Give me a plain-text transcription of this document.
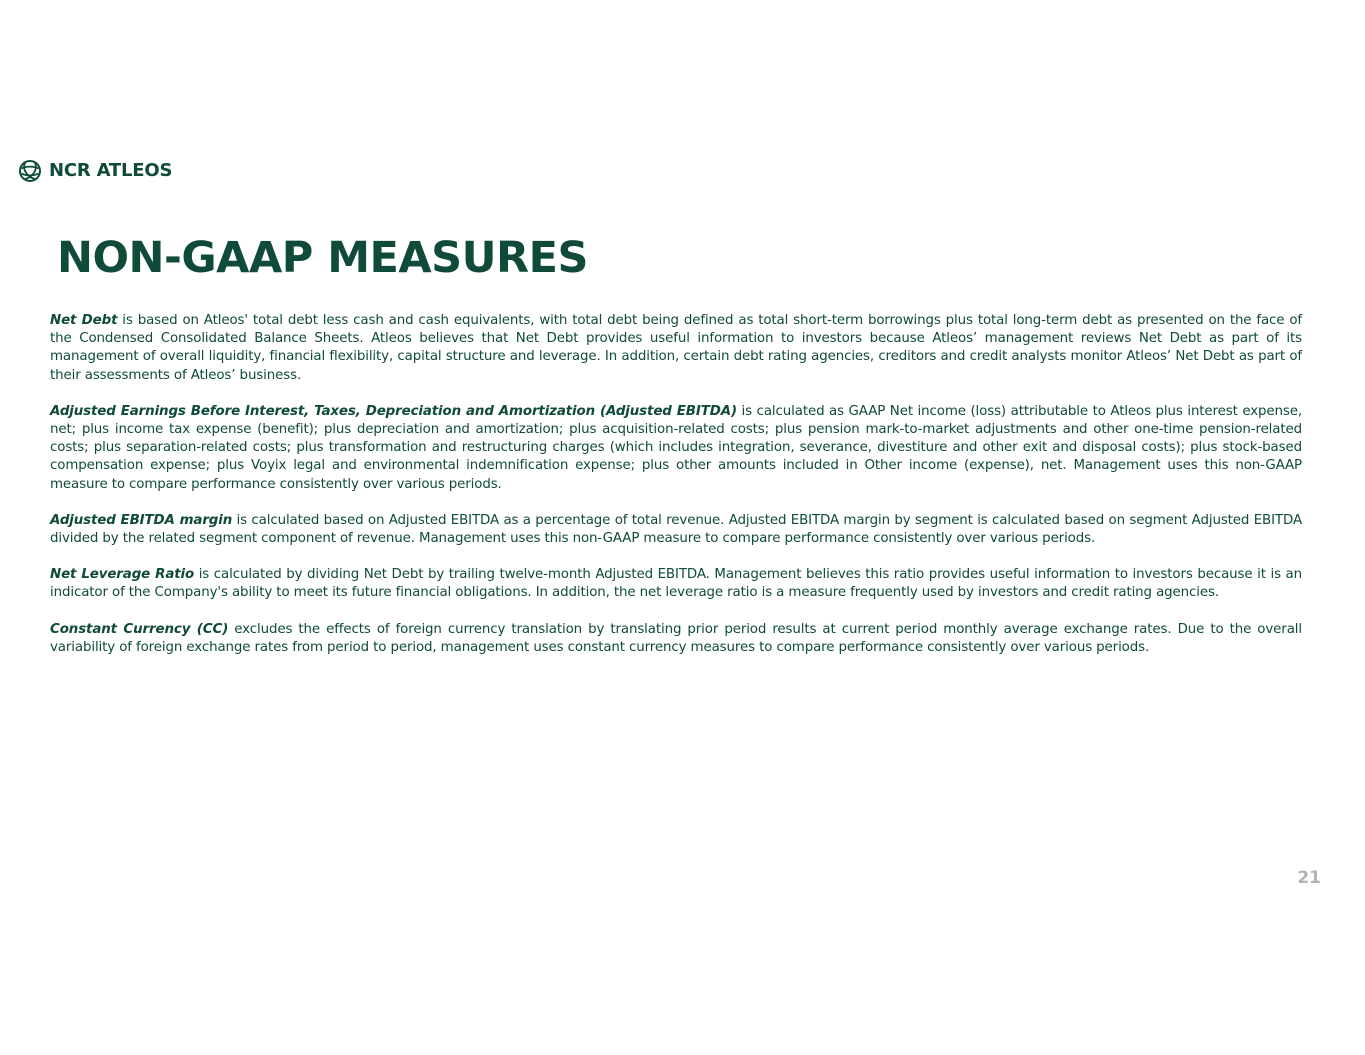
NCR ATLEOS
NON-GAAP MEASURES

Net Debt is based on Atleos' total debt less cash and cash equivalents, with total debt being defined as total short-term borrowings plus total long-term debt as presented on the face of the Condensed Consolidated Balance Sheets. Atleos believes that Net Debt provides useful information to investors because Atleos’ management reviews Net Debt as part of its management of overall liquidity, financial flexibility, capital structure and leverage. In addition, certain debt rating agencies, creditors and credit analysts monitor Atleos’ Net Debt as part of their assessments of Atleos’ business.

Adjusted Earnings Before Interest, Taxes, Depreciation and Amortization (Adjusted EBITDA) is calculated as GAAP Net income (loss) attributable to Atleos plus interest expense, net; plus income tax expense (benefit); plus depreciation and amortization; plus acquisition-related costs; plus pension mark-to-market adjustments and other one-time pension-related costs; plus separation-related costs; plus transformation and restructuring charges (which includes integration, severance, divestiture and other exit and disposal costs); plus stock-based compensation expense; plus Voyix legal and environmental indemnification expense; plus other amounts included in Other income (expense), net. Management uses this non-GAAP measure to compare performance consistently over various periods.

Adjusted EBITDA margin is calculated based on Adjusted EBITDA as a percentage of total revenue. Adjusted EBITDA margin by segment is calculated based on segment Adjusted EBITDA divided by the related segment component of revenue. Management uses this non-GAAP measure to compare performance consistently over various periods.

Net Leverage Ratio is calculated by dividing Net Debt by trailing twelve-month Adjusted EBITDA. Management believes this ratio provides useful information to investors because it is an indicator of the Company's ability to meet its future financial obligations. In addition, the net leverage ratio is a measure frequently used by investors and credit rating agencies.

Constant Currency (CC) excludes the effects of foreign currency translation by translating prior period results at current period monthly average exchange rates. Due to the overall variability of foreign exchange rates from period to period, management uses constant currency measures to compare performance consistently over various periods.

21
